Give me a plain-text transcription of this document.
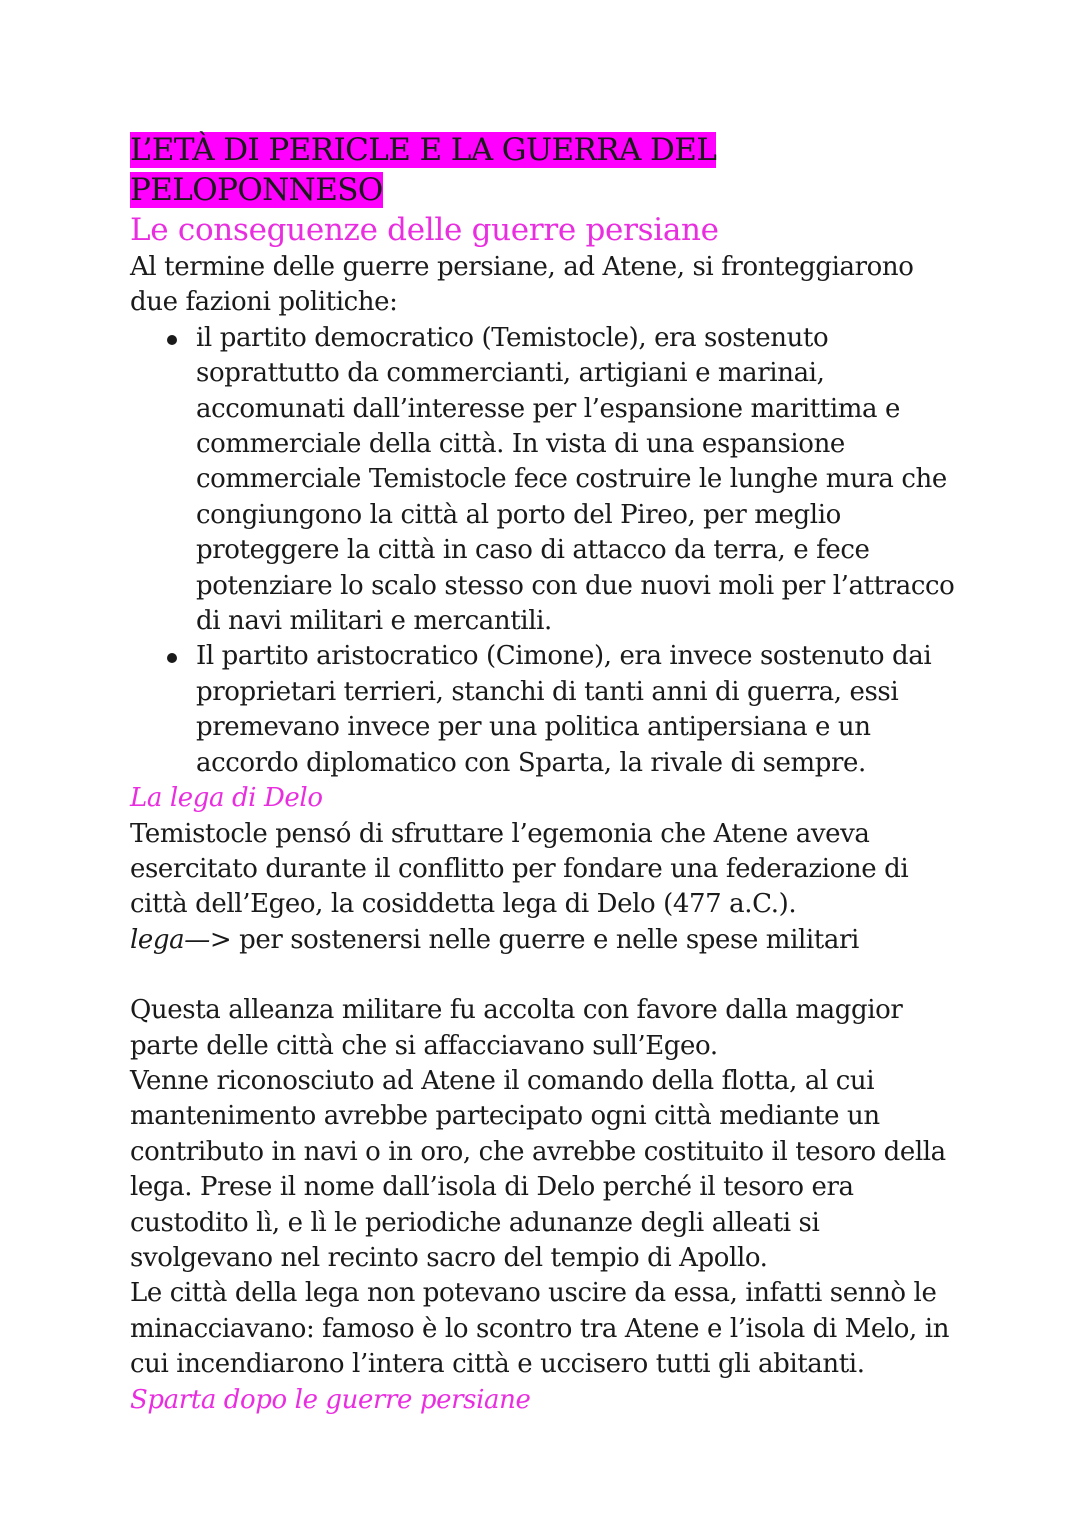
L’ETÀ DI PERICLE E LA GUERRA DEL
PELOPONNESO
Le conseguenze delle guerre persiane

Al termine delle guerre persiane, ad Atene, si fronteggiarono due fazioni politiche:

il partito democratico (Temistocle), era sostenuto soprattutto da commercianti, artigiani e marinai, accomunati dall’interesse per l’espansione marittima e commerciale della città. In vista di una espansione commerciale Temistocle fece costruire le lunghe mura che congiungono la città al porto del Pireo, per meglio proteggere la città in caso di attacco da terra, e fece potenziare lo scalo stesso con due nuovi moli per l’attracco di navi militari e mercantili.
Il partito aristocratico (Cimone), era invece sostenuto dai proprietari terrieri, stanchi di tanti anni di guerra, essi premevano invece per una politica antipersiana e un accordo diplomatico con Sparta, la rivale di sempre.

La lega di Delo

Temistocle pensó di sfruttare l’egemonia che Atene aveva esercitato durante il conflitto per fondare una federazione di città dell’Egeo, la cosiddetta lega di Delo (477 a.C.).

lega—> per sostenersi nelle guerre e nelle spese militari

Questa alleanza militare fu accolta con favore dalla maggior parte delle città che si affacciavano sull’Egeo.

Venne riconosciuto ad Atene il comando della flotta, al cui mantenimento avrebbe partecipato ogni città mediante un contributo in navi o in oro, che avrebbe costituito il tesoro della lega. Prese il nome dall’isola di Delo perché il tesoro era custodito lì, e lì le periodiche adunanze degli alleati si svolgevano nel recinto sacro del tempio di Apollo.

Le città della lega non potevano uscire da essa, infatti sennò le minacciavano: famoso è lo scontro tra Atene e l’isola di Melo, in cui incendiarono l’intera città e uccisero tutti gli abitanti.

Sparta dopo le guerre persiane
